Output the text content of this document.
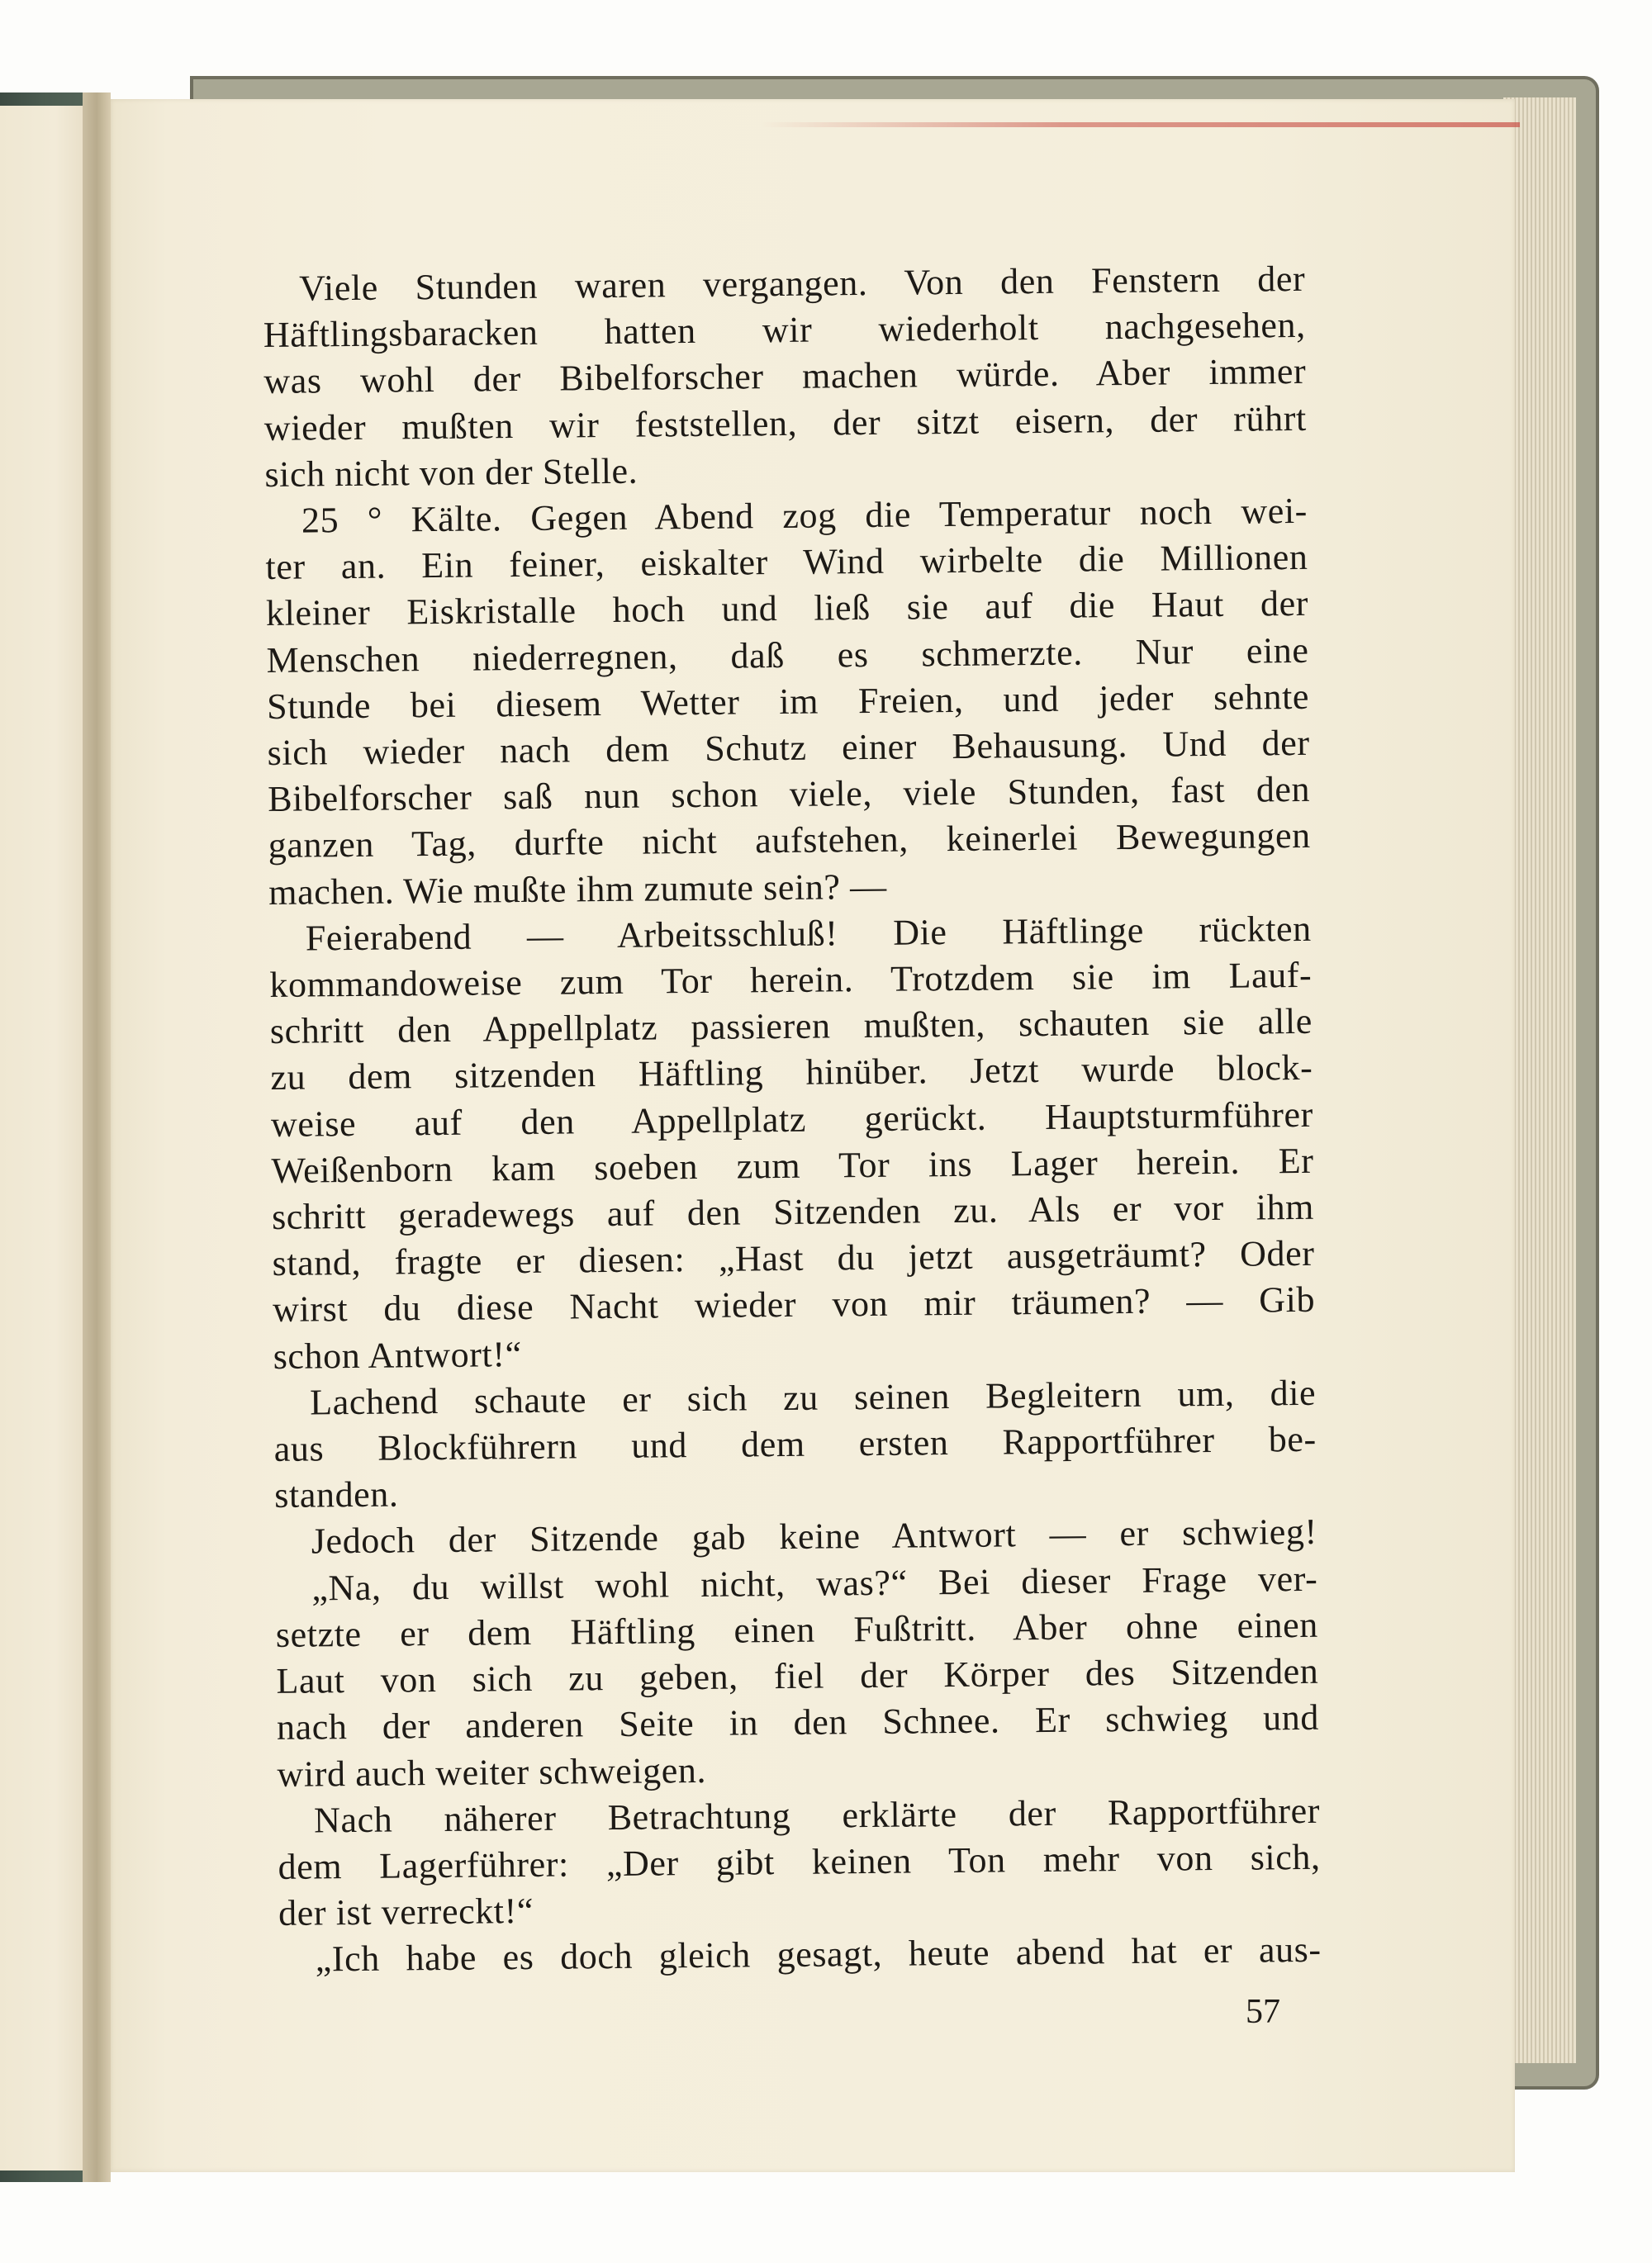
Viele Stunden waren vergangen. Von den Fenstern der
Häftlingsbaracken hatten wir wiederholt nachgesehen,
was wohl der Bibelforscher machen würde. Aber immer
wieder mußten wir feststellen, der sitzt eisern, der rührt
sich nicht von der Stelle.
25 ° Kälte. Gegen Abend zog die Temperatur noch wei-
ter an. Ein feiner, eiskalter Wind wirbelte die Millionen
kleiner Eiskristalle hoch und ließ sie auf die Haut der
Menschen niederregnen, daß es schmerzte. Nur eine
Stunde bei diesem Wetter im Freien, und jeder sehnte
sich wieder nach dem Schutz einer Behausung. Und der
Bibelforscher saß nun schon viele, viele Stunden, fast den
ganzen Tag, durfte nicht aufstehen, keinerlei Bewegungen
machen. Wie mußte ihm zumute sein? —
Feierabend — Arbeitsschluß! Die Häftlinge rückten
kommandoweise zum Tor herein. Trotzdem sie im Lauf-
schritt den Appellplatz passieren mußten, schauten sie alle
zu dem sitzenden Häftling hinüber. Jetzt wurde block-
weise auf den Appellplatz gerückt. Hauptsturmführer
Weißenborn kam soeben zum Tor ins Lager herein. Er
schritt geradewegs auf den Sitzenden zu. Als er vor ihm
stand, fragte er diesen: „Hast du jetzt ausgeträumt? Oder
wirst du diese Nacht wieder von mir träumen? — Gib
schon Antwort!“
Lachend schaute er sich zu seinen Begleitern um, die
aus Blockführern und dem ersten Rapportführer be-
standen.
Jedoch der Sitzende gab keine Antwort — er schwieg!
„Na, du willst wohl nicht, was?“ Bei dieser Frage ver-
setzte er dem Häftling einen Fußtritt. Aber ohne einen
Laut von sich zu geben, fiel der Körper des Sitzenden
nach der anderen Seite in den Schnee. Er schwieg und
wird auch weiter schweigen.
Nach näherer Betrachtung erklärte der Rapportführer
dem Lagerführer: „Der gibt keinen Ton mehr von sich,
der ist verreckt!“
„Ich habe es doch gleich gesagt, heute abend hat er aus-
57
